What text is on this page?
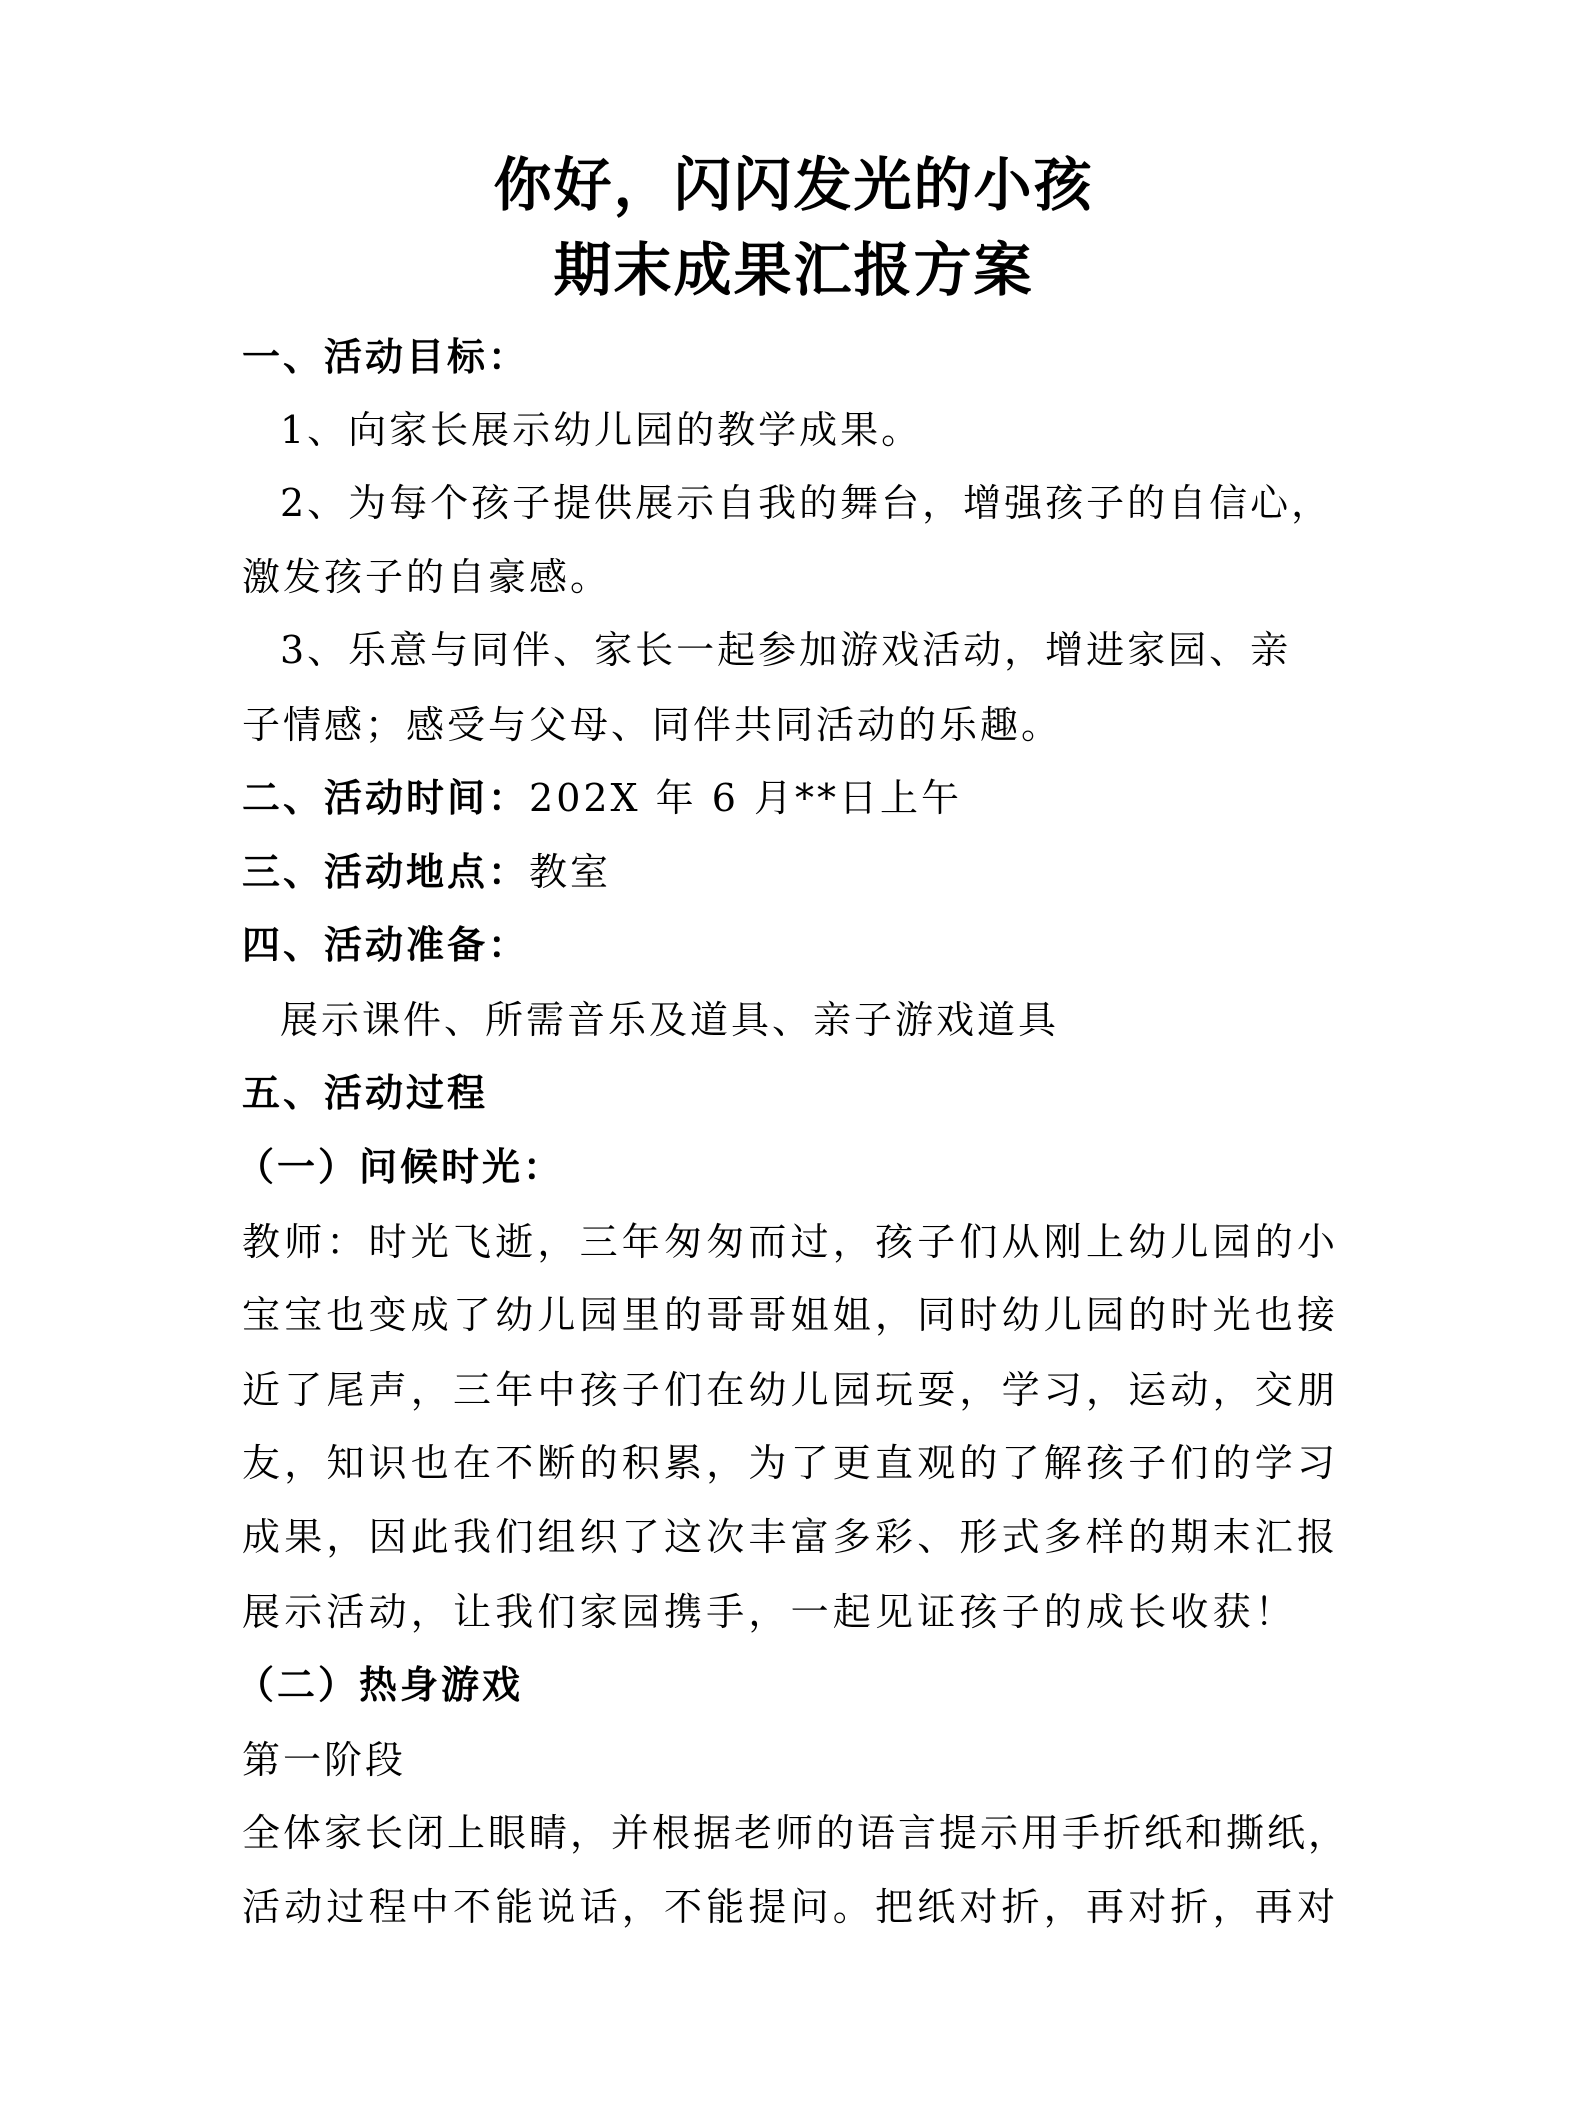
你好，闪闪发光的小孩
期末成果汇报方案
一、活动目标：
1、向家长展示幼儿园的教学成果。
2、为每个孩子提供展示自我的舞台，增强孩子的自信心，
激发孩子的自豪感。
3、乐意与同伴、家长一起参加游戏活动，增进家园、亲
子情感；感受与父母、同伴共同活动的乐趣。
二、活动时间：202X 年 6 月**日上午
三、活动地点：教室
四、活动准备：
展示课件、所需音乐及道具、亲子游戏道具
五、活动过程
（一）问候时光：
教师：时光飞逝，三年匆匆而过，孩子们从刚上幼儿园的小
宝宝也变成了幼儿园里的哥哥姐姐，同时幼儿园的时光也接
近了尾声，三年中孩子们在幼儿园玩耍，学习，运动，交朋
友，知识也在不断的积累，为了更直观的了解孩子们的学习
成果，因此我们组织了这次丰富多彩、形式多样的期末汇报
展示活动，让我们家园携手，一起见证孩子的成长收获！
（二）热身游戏
第一阶段
全体家长闭上眼睛，并根据老师的语言提示用手折纸和撕纸，
活动过程中不能说话，不能提问。把纸对折，再对折，再对
